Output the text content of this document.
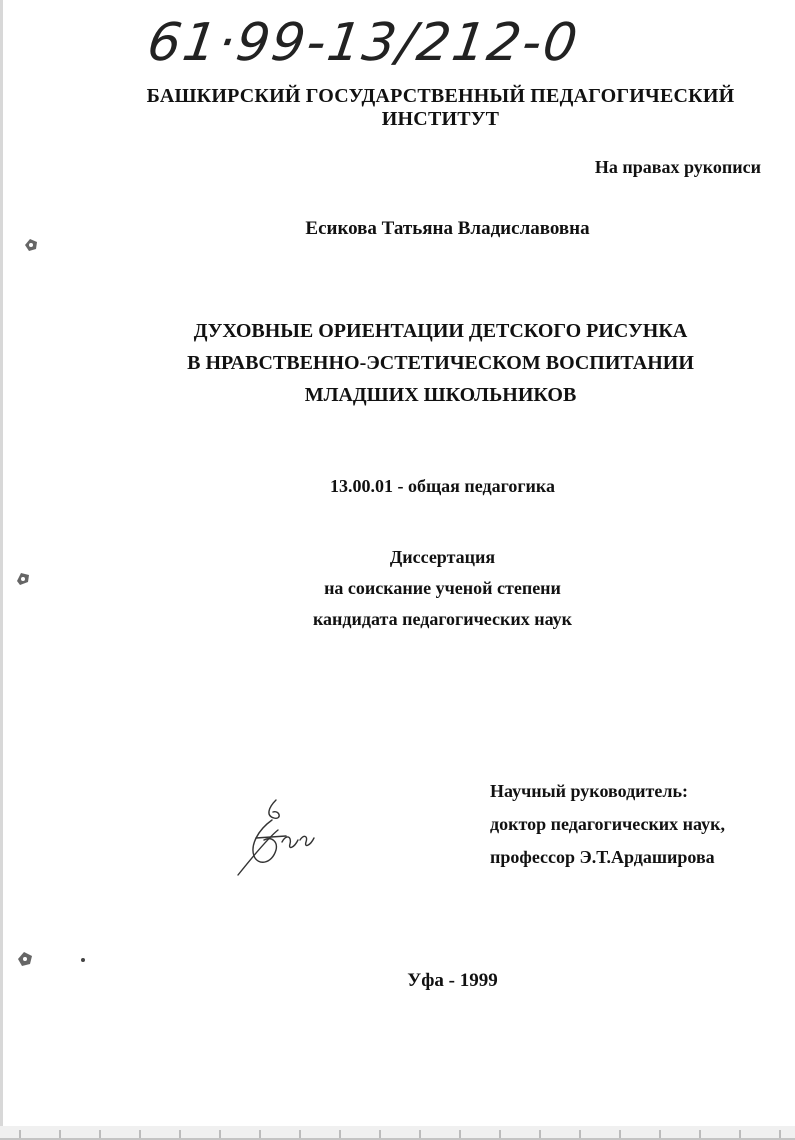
61·99-13/212-0
БАШКИРСКИЙ ГОСУДАРСТВЕННЫЙ ПЕДАГОГИЧЕСКИЙ ИНСТИТУТ
На правах рукописи
Есикова Татьяна Владиславовна
ДУХОВНЫЕ ОРИЕНТАЦИИ ДЕТСКОГО РИСУНКА
В НРАВСТВЕННО-ЭСТЕТИЧЕСКОМ ВОСПИТАНИИ
МЛАДШИХ ШКОЛЬНИКОВ
13.00.01 - общая педагогика
Диссертация
на соискание ученой степени
кандидата педагогических наук
Научный руководитель:
доктор педагогических наук,
профессор Э.Т.Ардаширова
Уфа - 1999
